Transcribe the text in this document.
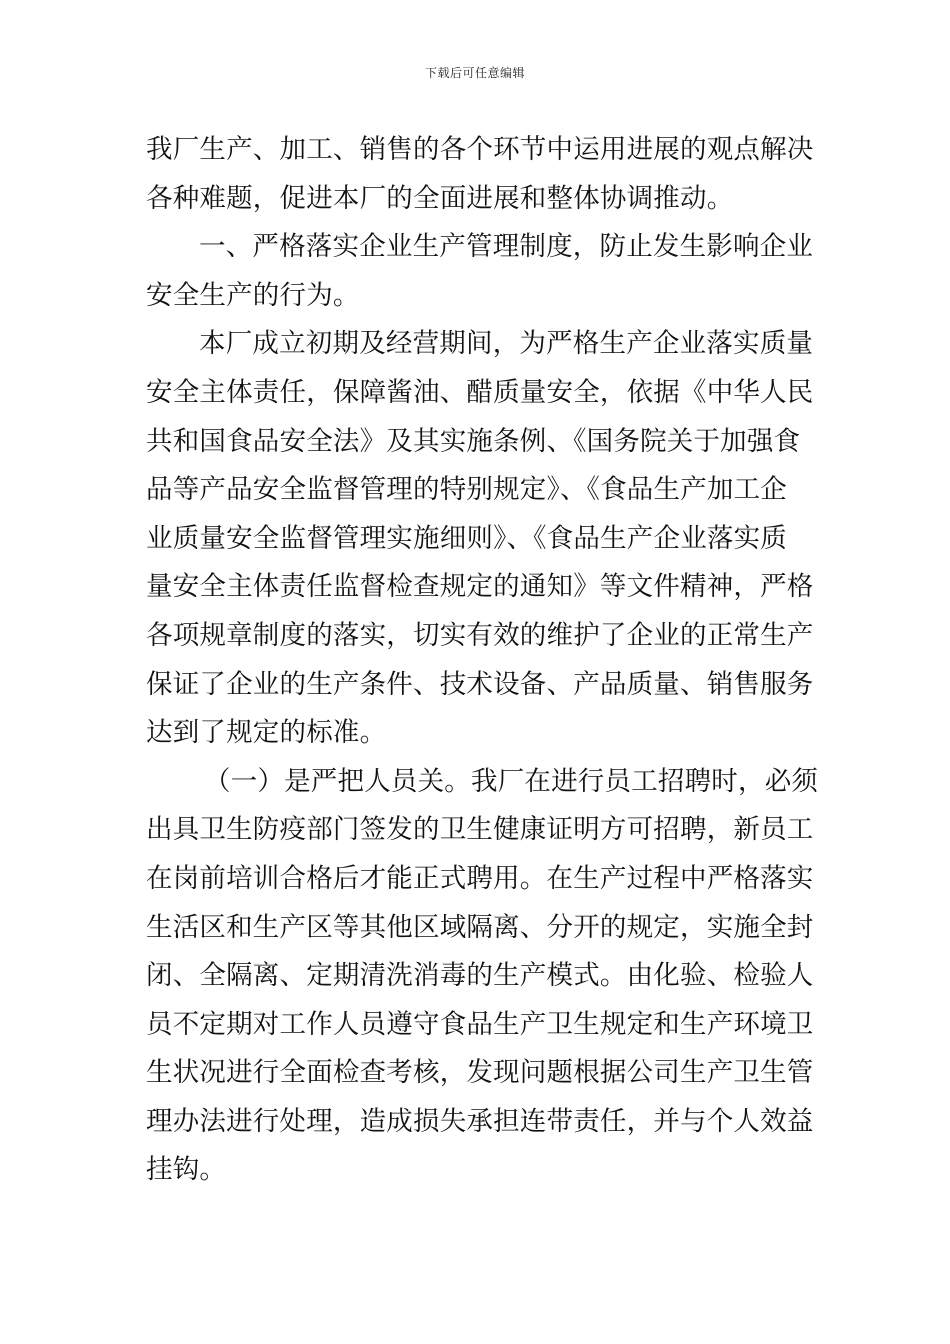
下载后可任意编辑
我厂生产、加工、销售的各个环节中运用进展的观点解决
各种难题，促进本厂的全面进展和整体协调推动。
一、严格落实企业生产管理制度，防止发生影响企业
安全生产的行为。
本厂成立初期及经营期间，为严格生产企业落实质量
安全主体责任，保障酱油、醋质量安全，依据《中华人民
共和国食品安全法》及其实施条例、《国务院关于加强食
品等产品安全监督管理的特别规定》、《食品生产加工企
业质量安全监督管理实施细则》、《食品生产企业落实质
量安全主体责任监督检查规定的通知》等文件精神，严格
各项规章制度的落实，切实有效的维护了企业的正常生产
保证了企业的生产条件、技术设备、产品质量、销售服务
达到了规定的标准。
（一）是严把人员关。我厂在进行员工招聘时，必须
出具卫生防疫部门签发的卫生健康证明方可招聘，新员工
在岗前培训合格后才能正式聘用。在生产过程中严格落实
生活区和生产区等其他区域隔离、分开的规定，实施全封
闭、全隔离、定期清洗消毒的生产模式。由化验、检验人
员不定期对工作人员遵守食品生产卫生规定和生产环境卫
生状况进行全面检查考核，发现问题根据公司生产卫生管
理办法进行处理，造成损失承担连带责任，并与个人效益
挂钩。
